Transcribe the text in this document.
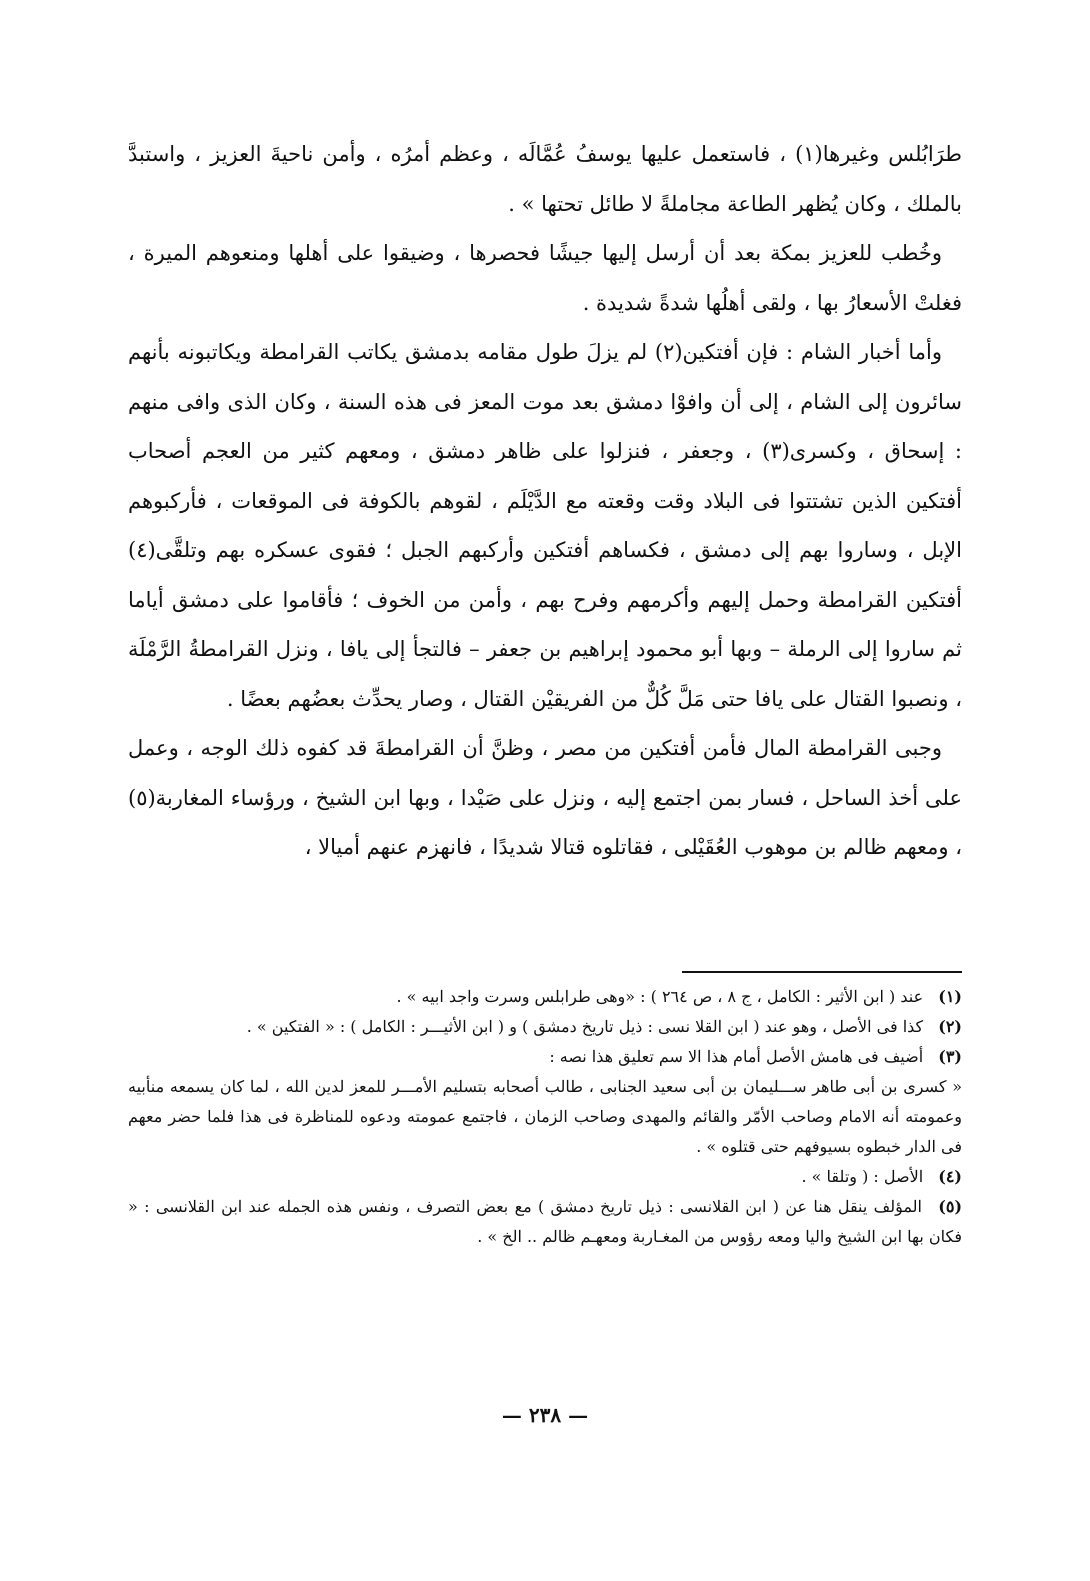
طرَابُلس وغيرها(١) ، فاستعمل عليها يوسفُ عُمَّالَه ، وعظم أمرُه ، وأمن ناحيةَ العزيز ، واستبدَّ بالملك ، وكان يُظهر الطاعة مجاملةً لا طائل تحتها » .

وخُطب للعزيز بمكة بعد أن أرسل إليها جيشًا فحصرها ، وضيقوا على أهلها ومنعوهم الميرة ، فغلتْ الأسعارُ بها ، ولقى أهلُها شدةً شديدة .

وأما أخبار الشام : فإن أفتكين(٢) لم يزلَ طول مقامه بدمشق يكاتب القرامطة ويكاتبونه بأنهم سائرون إلى الشام ، إلى أن وافوْا دمشق بعد موت المعز فى هذه السنة ، وكان الذى وافى منهم : إسحاق ، وكسرى(٣) ، وجعفر ، فنزلوا على ظاهر دمشق ، ومعهم كثير من العجم أصحاب أفتكين الذين تشتتوا فى البلاد وقت وقعته مع الدَّيْلَم ، لقوهم بالكوفة فى الموقعات ، فأركبوهم الإبل ، وساروا بهم إلى دمشق ، فكساهم أفتكين وأركبهم الجبل ؛ فقوى عسكره بهم وتلقَّى(٤) أفتكين القرامطة وحمل إليهم وأكرمهم وفرح بهم ، وأمن من الخوف ؛ فأقاموا على دمشق أياما ثم ساروا إلى الرملة – وبها أبو محمود إبراهيم بن جعفر – فالتجأ إلى يافا ، ونزل القرامطةُ الرَّمْلَة ، ونصبوا القتال على يافا حتى مَلَّ كُلٌّ من الفريقيْن القتال ، وصار يحدِّث بعضُهم بعضًا .

وجبى القرامطة المال فأمن أفتكين من مصر ، وظنَّ أن القرامطةَ قد كفوه ذلك الوجه ، وعمل على أخذ الساحل ، فسار بمن اجتمع إليه ، ونزل على صَيْدا ، وبها ابن الشيخ ، ورؤساء المغاربة(٥) ، ومعهم ظالم بن موهوب العُقَيْلى ، فقاتلوه قتالا شديدًا ، فانهزم عنهم أميالا ،

(١) عند ( ابن الأثير : الكامل ، ج ٨ ، ص ٢٦٤ ) : «وهى طرابلس وسرت واجد ابيه » .

(٢) كذا فى الأصل ، وهو عند ( ابن القلا نسى : ذيل تاريخ دمشق ) و ( ابن الأثيـــر : الكامل ) : « الفتكين » .

(٣) أضيف فى هامش الأصل أمام هذا الا سم تعليق هذا نصه :

« كسرى بن أبى طاهر ســـليمان بن أبى سعيد الجنابى ، طالب أصحابه بتسليم الأمـــر للمعز لدين الله ، لما كان يسمعه منأبيه وعمومته أنه الامام وصاحب الأمّر والقائم والمهدى وصاحب الزمان ، فاجتمع عمومته ودعوه للمناظرة فى هذا فلما حضر معهم فى الدار خبطوه بسيوفهم حتى قتلوه » .

(٤) الأصل : ( وتلقا » .

(٥) المؤلف ينقل هنا عن ( ابن القلانسى : ذيل تاريخ دمشق ) مع بعض التصرف ، ونفس هذه الجمله عند ابن القلانسى : « فكان بها ابن الشيخ واليا ومعه رؤوس من المغـاربة ومعهـم ظالم .. الخ » .

— ٢٣٨ —
